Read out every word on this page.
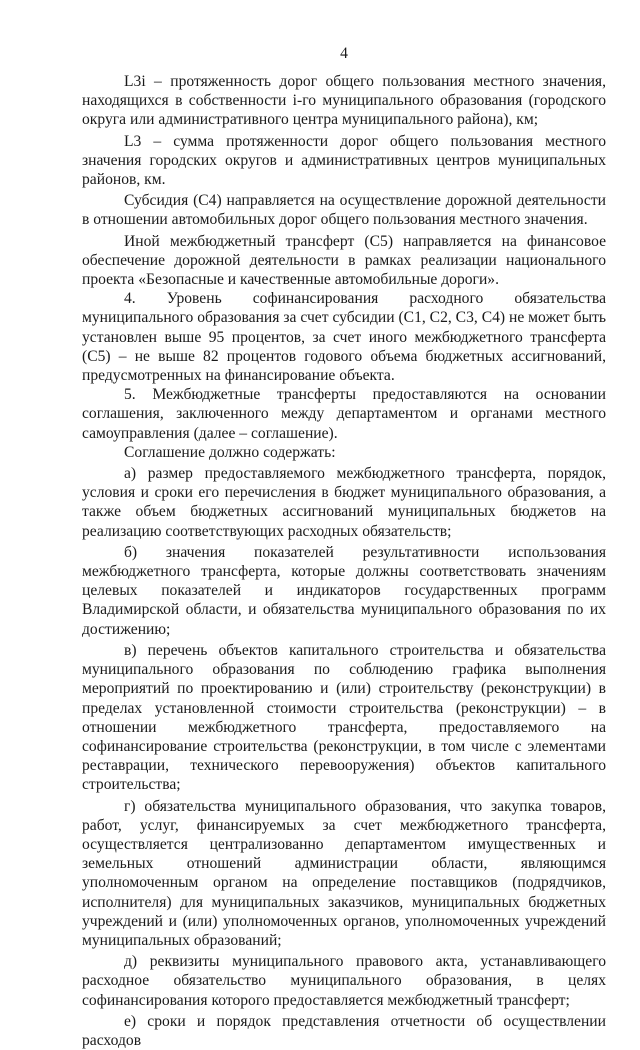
4

L3i – протяженность дорог общего пользования местного значения, находящихся в собственности i-го муниципального образования (городского округа или административного центра муниципального района), км;

L3 – сумма протяженности дорог общего пользования местного значения городских округов и административных центров муниципальных районов, км.

Субсидия (С4) направляется на осуществление дорожной деятельности в отношении автомобильных дорог общего пользования местного значения.

Иной межбюджетный трансферт (С5) направляется на финансовое обеспечение дорожной деятельности в рамках реализации национального проекта «Безопасные и качественные автомобильные дороги».

4. Уровень софинансирования расходного обязательства муниципального образования за счет субсидии (С1, С2, С3, С4) не может быть установлен выше 95 процентов, за счет иного межбюджетного трансферта (С5) – не выше 82 процентов годового объема бюджетных ассигнований, предусмотренных на финансирование объекта.

5. Межбюджетные трансферты предоставляются на основании соглашения, заключенного между департаментом и органами местного самоуправления (далее – соглашение).

Соглашение должно содержать:

а) размер предоставляемого межбюджетного трансферта, порядок, условия и сроки его перечисления в бюджет муниципального образования, а также объем бюджетных ассигнований муниципальных бюджетов на реализацию соответствующих расходных обязательств;

б) значения показателей результативности использования межбюджетного трансферта, которые должны соответствовать значениям целевых показателей и индикаторов государственных программ Владимирской области, и обязательства муниципального образования по их достижению;

в) перечень объектов капитального строительства и обязательства муниципального образования по соблюдению графика выполнения мероприятий по проектированию и (или) строительству (реконструкции) в пределах установленной стоимости строительства (реконструкции) – в отношении межбюджетного трансферта, предоставляемого на софинансирование строительства (реконструкции, в том числе с элементами реставрации, технического перевооружения) объектов капитального строительства;

г) обязательства муниципального образования, что закупка товаров, работ, услуг, финансируемых за счет межбюджетного трансферта, осуществляется централизованно департаментом имущественных и земельных отношений администрации области, являющимся уполномоченным органом на определение поставщиков (подрядчиков, исполнителя) для муниципальных заказчиков, муниципальных бюджетных учреждений и (или) уполномоченных органов, уполномоченных учреждений муниципальных образований;

д) реквизиты муниципального правового акта, устанавливающего расходное обязательство муниципального образования, в целях софинансирования которого предоставляется межбюджетный трансферт;

е) сроки и порядок представления отчетности об осуществлении расходов
